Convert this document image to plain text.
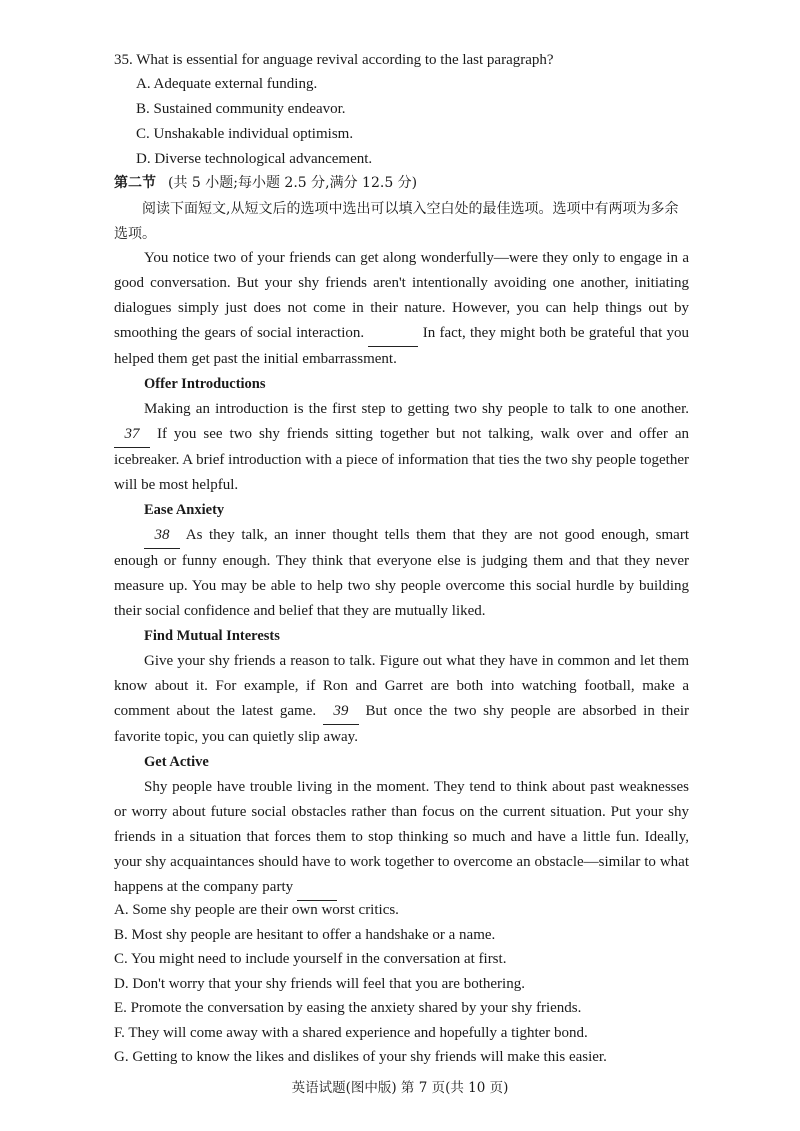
35. What is essential for anguage revival according to the last paragraph?
A. Adequate external funding.
B. Sustained community endeavor.
C. Unshakable individual optimism.
D. Diverse technological advancement.
第二节 (共 5 小题;每小题 2.5 分,满分 12.5 分)
阅读下面短文,从短文后的选项中选出可以填入空白处的最佳选项。选项中有两项为多余选项。

You notice two of your friends can get along wonderfully—were they only to engage in a good conversation. But your shy friends aren't intentionally avoiding one another, initiating dialogues simply just does not come in their nature. However, you can help things out by smoothing the gears of social interaction.	In fact, they might both be grateful that you helped them get past the initial embarrassment.

Offer Introductions

Making an introduction is the first step to getting two shy people to talk to one another. 37 If you see two shy friends sitting together but not talking, walk over and offer an icebreaker. A brief introduction with a piece of information that ties the two shy people together will be most helpful.

Ease Anxiety

38 As they talk, an inner thought tells them that they are not good enough, smart enough or funny enough. They think that everyone else is judging them and that they never measure up. You may be able to help two shy people overcome this social hurdle by building their social confidence and belief that they are mutually liked.

Find Mutual Interests

Give your shy friends a reason to talk. Figure out what they have in common and let them know about it. For example, if Ron and Garret are both into watching football, make a comment about the latest game. 39 But once the two shy people are absorbed in their favorite topic, you can quietly slip away.

Get Active

Shy people have trouble living in the moment. They tend to think about past weaknesses or worry about future social obstacles rather than focus on the current situation. Put your shy friends in a situation that forces them to stop thinking so much and have a little fun. Ideally, your shy acquaintances should have to work together to overcome an obstacle—similar to what happens at the company party

A. Some shy people are their own worst critics.
B. Most shy people are hesitant to offer a handshake or a name.
C. You might need to include yourself in the conversation at first.
D. Don't worry that your shy friends will feel that you are bothering.
E. Promote the conversation by easing the anxiety shared by your shy friends.
F. They will come away with a shared experience and hopefully a tighter bond.
G. Getting to know the likes and dislikes of your shy friends will make this easier.
英语试题(图中版) 第 7 页(共 10 页)
